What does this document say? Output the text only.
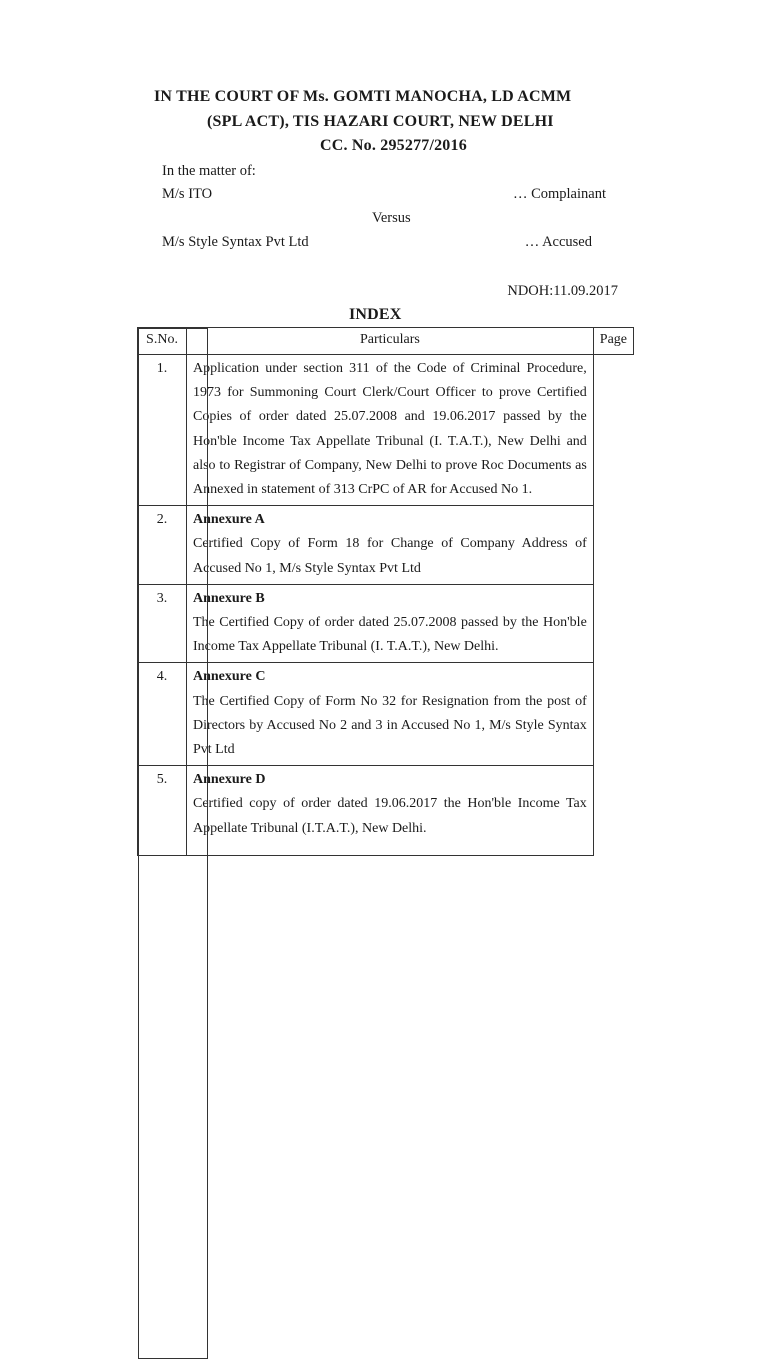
IN THE COURT OF Ms. GOMTI MANOCHA, LD ACMM
(SPL ACT), TIS HAZARI COURT, NEW DELHI
CC. No. 295277/2016
In the matter of:
M/s ITO	… Complainant
Versus
M/s Style Syntax Pvt Ltd	… Accused
NDOH:11.09.2017
INDEX
S.No.	Particulars	Page
1.	Application under section 311 of the Code of Criminal Procedure, 1973 for Summoning Court Clerk/Court Officer to prove Certified Copies of order dated 25.07.2008 and 19.06.2017 passed by the Hon'ble Income Tax Appellate Tribunal (I. T.A.T.), New Delhi and also to Registrar of Company, New Delhi to prove Roc Documents as Annexed in statement of 313 CrPC of AR for Accused No 1.	

2.	Annexure A
Certified Copy of Form 18 for Change of Company Address of Accused No 1, M/s Style Syntax Pvt Ltd	

3.	Annexure B
The Certified Copy of order dated 25.07.2008 passed by the Hon'ble Income Tax Appellate Tribunal (I. T.A.T.), New Delhi.	

4.	Annexure C
The Certified Copy of Form No 32 for Resignation from the post of Directors by Accused No 2 and 3 in Accused No 1, M/s Style Syntax Pvt Ltd	

5.	Annexure D
Certified copy of order dated 19.06.2017 the Hon'ble Income Tax Appellate Tribunal (I.T.A.T.), New Delhi.	
